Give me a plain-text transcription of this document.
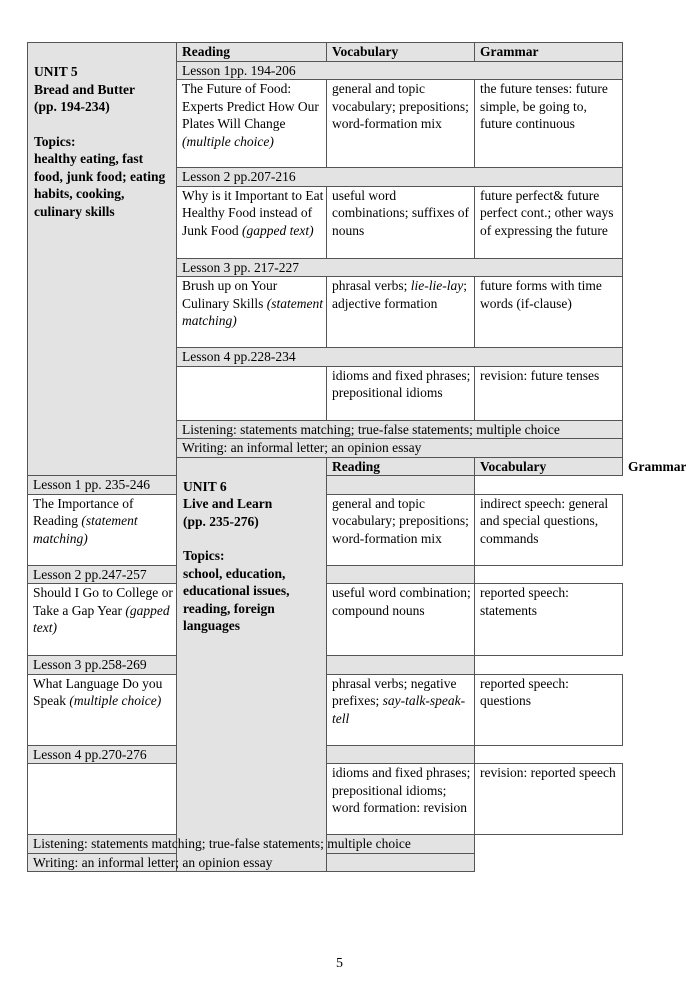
UNIT 5
Bread and Butter
(pp. 194-234)
Topics:
healthy eating, fast food, junk food; eating habits, cooking, culinary skills	Reading	Vocabulary	Grammar	
	Lesson 1pp. 194-206			
	The Future of Food: Experts Predict How Our Plates Will Change (multiple choice)	general and topic vocabulary; prepositions; word-formation mix	the future tenses: future simple, be going to, future continuous	
	Lesson 2 pp.207-216			
	Why is it Important to Eat Healthy Food instead of Junk Food (gapped text)	useful word combinations; suffixes of nouns	future perfect& future perfect cont.; other ways of expressing the future	
	Lesson 3 pp. 217-227			
	Brush up on Your Culinary Skills (statement matching)	phrasal verbs; lie-lie-lay; adjective formation	future forms with time words (if-clause)	
	Lesson 4 pp.228-234			
		idioms and fixed phrases; prepositional idioms	revision: future tenses	
	Listening: statements matching; true-false statements; multiple choice			
	Writing: an informal letter; an opinion essay			

	UNIT 6
Live and Learn
(pp. 235-276)
Topics:
school, education, educational issues, reading, foreign languages	Reading	Vocabulary	Grammar
Lesson 1 pp. 235-246				
The Importance of Reading (statement matching)		general and topic vocabulary; prepositions; word-formation mix	indirect speech: general and special questions, commands	
Lesson 2 pp.247-257				
Should I Go to College or Take a Gap Year (gapped text)		useful word combination; compound nouns	reported speech: statements	
Lesson 3 pp.258-269				
What Language Do you Speak (multiple choice)		phrasal verbs; negative prefixes; say-talk-speak-tell	reported speech: questions	
Lesson 4 pp.270-276				
		idioms and fixed phrases; prepositional idioms; word formation: revision	revision: reported speech	
Listening: statements matching; true-false statements; multiple choice				
Writing: an informal letter; an opinion essay				
5
